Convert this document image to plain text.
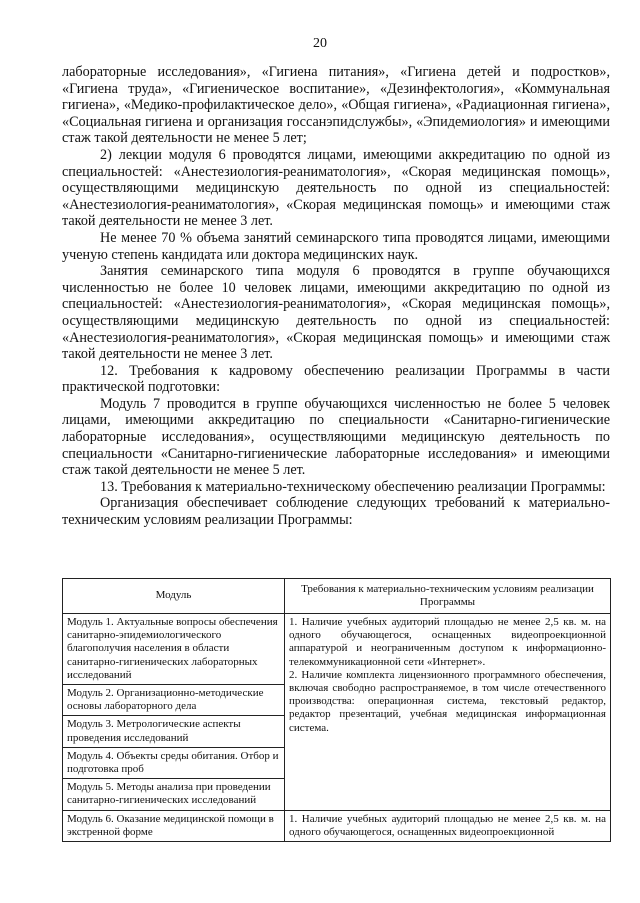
20

лабораторные исследования», «Гигиена питания», «Гигиена детей и подростков», «Гигиена труда», «Гигиеническое воспитание», «Дезинфектология», «Коммунальная гигиена», «Медико-профилактическое дело», «Общая гигиена», «Радиационная гигиена», «Социальная гигиена и организация госсанэпидслужбы», «Эпидемиология» и имеющими стаж такой деятельности не менее 5 лет;

2) лекции модуля 6 проводятся лицами, имеющими аккредитацию по одной из специальностей: «Анестезиология-реаниматология», «Скорая медицинская помощь», осуществляющими медицинскую деятельность по одной из специальностей: «Анестезиология-реаниматология», «Скорая медицинская помощь» и имеющими стаж такой деятельности не менее 3 лет.

Не менее 70 % объема занятий семинарского типа проводятся лицами, имеющими ученую степень кандидата или доктора медицинских наук.

Занятия семинарского типа модуля 6 проводятся в группе обучающихся численностью не более 10 человек лицами, имеющими аккредитацию по одной из специальностей: «Анестезиология-реаниматология», «Скорая медицинская помощь», осуществляющими медицинскую деятельность по одной из специальностей: «Анестезиология-реаниматология», «Скорая медицинская помощь» и имеющими стаж такой деятельности не менее 3 лет.

12. Требования к кадровому обеспечению реализации Программы в части практической подготовки:

Модуль 7 проводится в группе обучающихся численностью не более 5 человек лицами, имеющими аккредитацию по специальности «Санитарно-гигиенические лабораторные исследования», осуществляющими медицинскую деятельность по специальности «Санитарно-гигиенические лабораторные исследования» и имеющими стаж такой деятельности не менее 5 лет.

13. Требования к материально-техническому обеспечению реализации Программы:

Организация обеспечивает соблюдение следующих требований к материально-техническим условиям реализации Программы:

Модуль	Требования к материально-техническим условиям реализации Программы
Модуль 1. Актуальные вопросы обеспечения санитарно-эпидемиологического благополучия населения в области санитарно-гигиенических лабораторных исследований	1. Наличие учебных аудиторий площадью не менее 2,5 кв. м. на одного обучающегося, оснащенных видеопроекционной аппаратурой и неограниченным доступом к информационно-телекоммуникационной сети «Интернет».

2. Наличие комплекта лицензионного программного обеспечения, включая свободно распространяемое, в том числе отечественного производства: операционная система, текстовый редактор, редактор презентаций, учебная медицинская информационная система.

Модуль 2. Организационно-методические основы лабораторного дела	
Модуль 3. Метрологические аспекты проведения исследований	
Модуль 4. Объекты среды обитания. Отбор и подготовка проб	
Модуль 5. Методы анализа при проведении санитарно-гигиенических исследований	
Модуль 6. Оказание медицинской помощи в экстренной форме	1. Наличие учебных аудиторий площадью не менее 2,5 кв. м. на одного обучающегося, оснащенных видеопроекционной
